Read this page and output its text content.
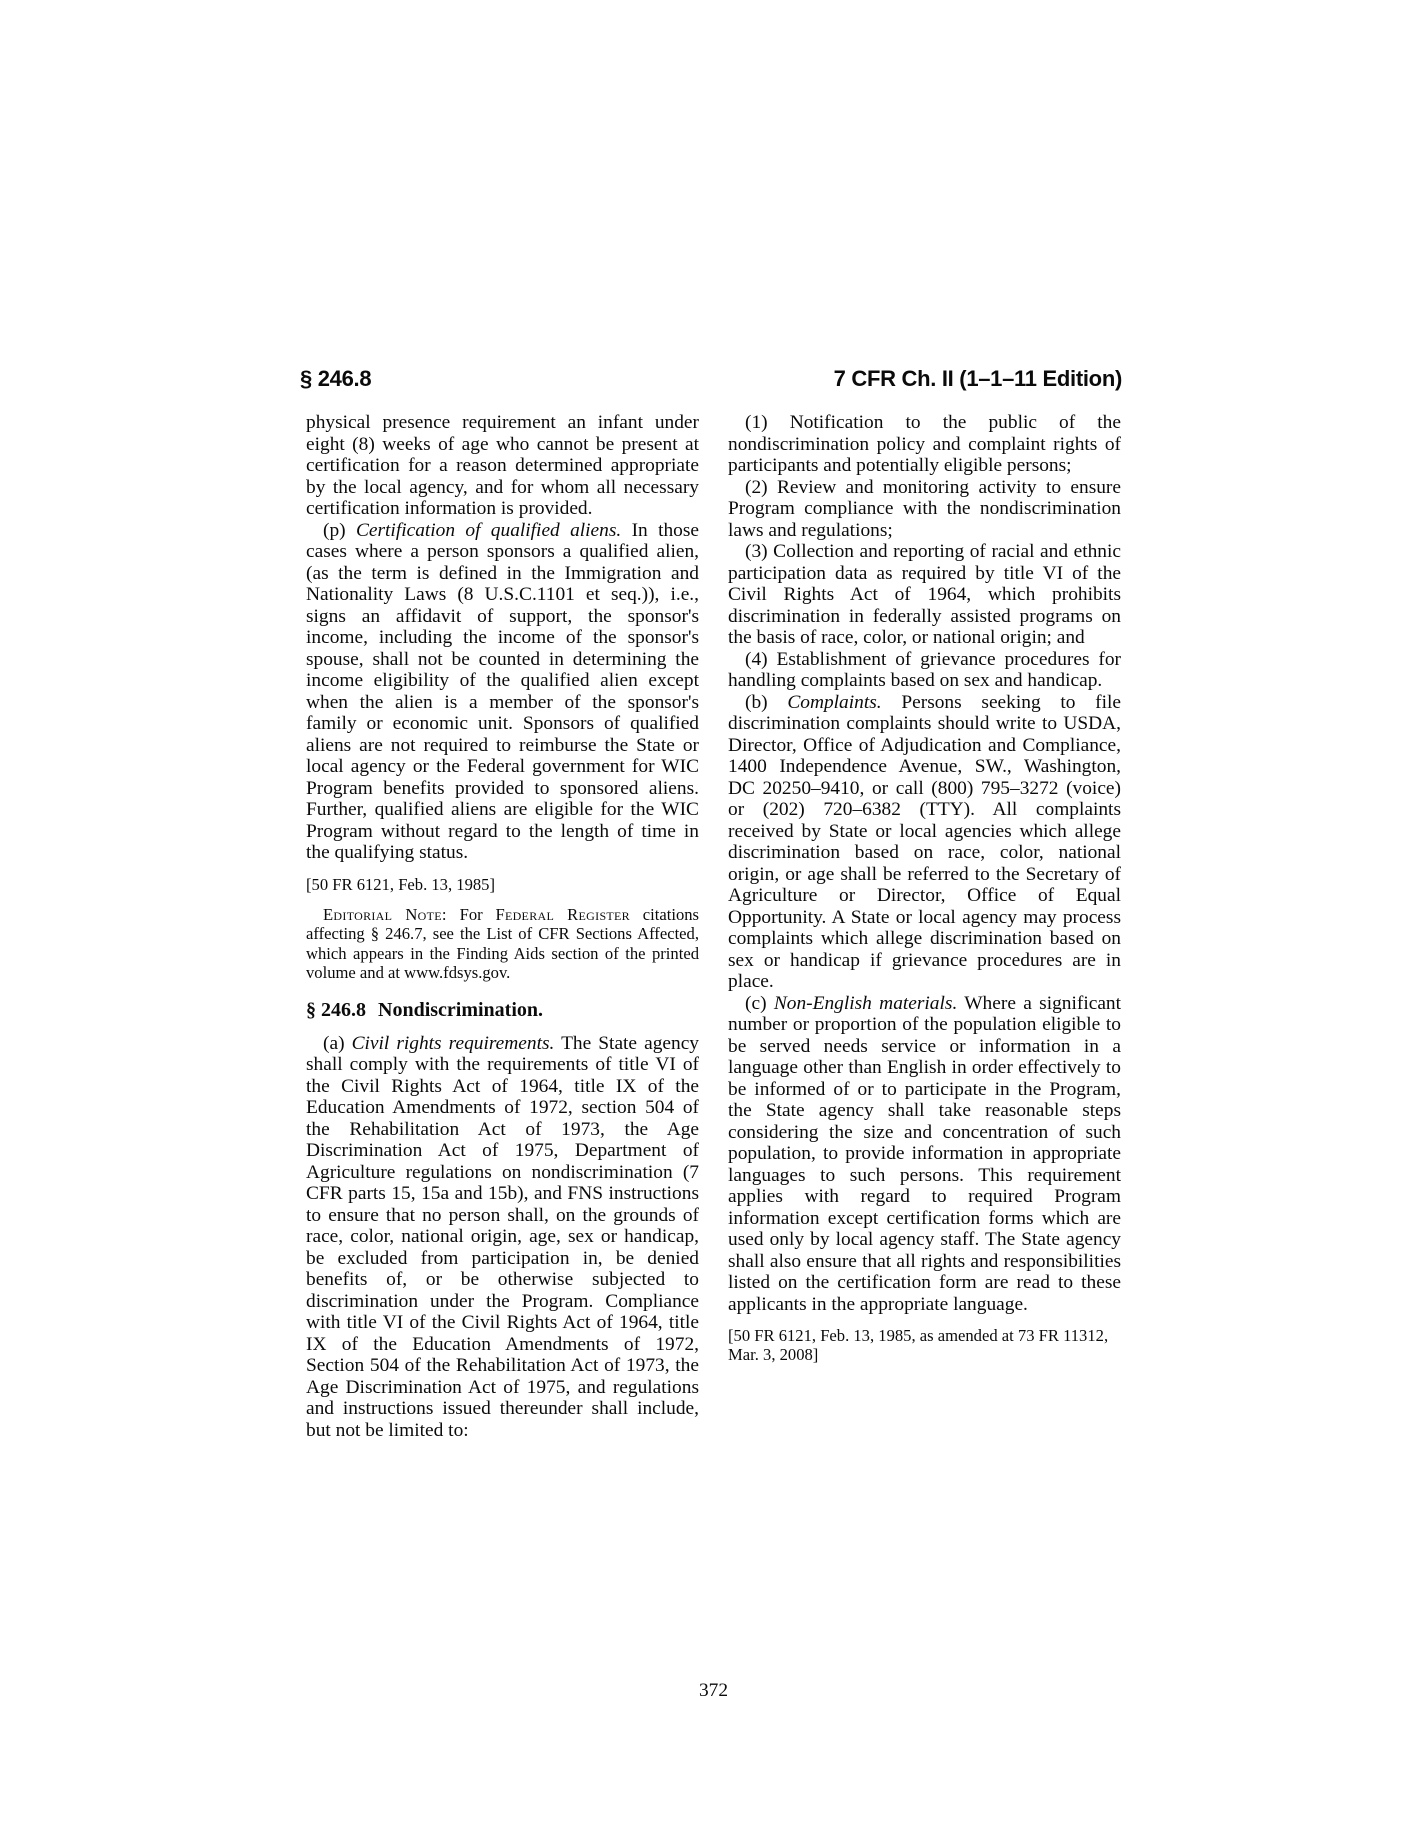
§ 246.8	7 CFR Ch. II (1–1–11 Edition)

physical presence requirement an infant under eight (8) weeks of age who cannot be present at certification for a reason determined appropriate by the local agency, and for whom all necessary certification information is provided.

(p) Certification of qualified aliens. In those cases where a person sponsors a qualified alien, (as the term is defined in the Immigration and Nationality Laws (8 U.S.C.1101 et seq.)), i.e., signs an affidavit of support, the sponsor's income, including the income of the sponsor's spouse, shall not be counted in determining the income eligibility of the qualified alien except when the alien is a member of the sponsor's family or economic unit. Sponsors of qualified aliens are not required to reimburse the State or local agency or the Federal government for WIC Program benefits provided to sponsored aliens. Further, qualified aliens are eligible for the WIC Program without regard to the length of time in the qualifying status.

[50 FR 6121, Feb. 13, 1985]

Editorial Note: For Federal Register citations affecting § 246.7, see the List of CFR Sections Affected, which appears in the Finding Aids section of the printed volume and at www.fdsys.gov.

§ 246.8 Nondiscrimination.

(a) Civil rights requirements. The State agency shall comply with the requirements of title VI of the Civil Rights Act of 1964, title IX of the Education Amendments of 1972, section 504 of the Rehabilitation Act of 1973, the Age Discrimination Act of 1975, Department of Agriculture regulations on nondiscrimination (7 CFR parts 15, 15a and 15b), and FNS instructions to ensure that no person shall, on the grounds of race, color, national origin, age, sex or handicap, be excluded from participation in, be denied benefits of, or be otherwise subjected to discrimination under the Program. Compliance with title VI of the Civil Rights Act of 1964, title IX of the Education Amendments of 1972, Section 504 of the Rehabilitation Act of 1973, the Age Discrimination Act of 1975, and regulations and instructions issued thereunder shall include, but not be limited to:

(1) Notification to the public of the nondiscrimination policy and complaint rights of participants and potentially eligible persons;

(2) Review and monitoring activity to ensure Program compliance with the nondiscrimination laws and regulations;

(3) Collection and reporting of racial and ethnic participation data as required by title VI of the Civil Rights Act of 1964, which prohibits discrimination in federally assisted programs on the basis of race, color, or national origin; and

(4) Establishment of grievance procedures for handling complaints based on sex and handicap.

(b) Complaints. Persons seeking to file discrimination complaints should write to USDA, Director, Office of Adjudication and Compliance, 1400 Independence Avenue, SW., Washington, DC 20250–9410, or call (800) 795–3272 (voice) or (202) 720–6382 (TTY). All complaints received by State or local agencies which allege discrimination based on race, color, national origin, or age shall be referred to the Secretary of Agriculture or Director, Office of Equal Opportunity. A State or local agency may process complaints which allege discrimination based on sex or handicap if grievance procedures are in place.

(c) Non-English materials. Where a significant number or proportion of the population eligible to be served needs service or information in a language other than English in order effectively to be informed of or to participate in the Program, the State agency shall take reasonable steps considering the size and concentration of such population, to provide information in appropriate languages to such persons. This requirement applies with regard to required Program information except certification forms which are used only by local agency staff. The State agency shall also ensure that all rights and responsibilities listed on the certification form are read to these applicants in the appropriate language.

[50 FR 6121, Feb. 13, 1985, as amended at 73 FR 11312, Mar. 3, 2008]

372
